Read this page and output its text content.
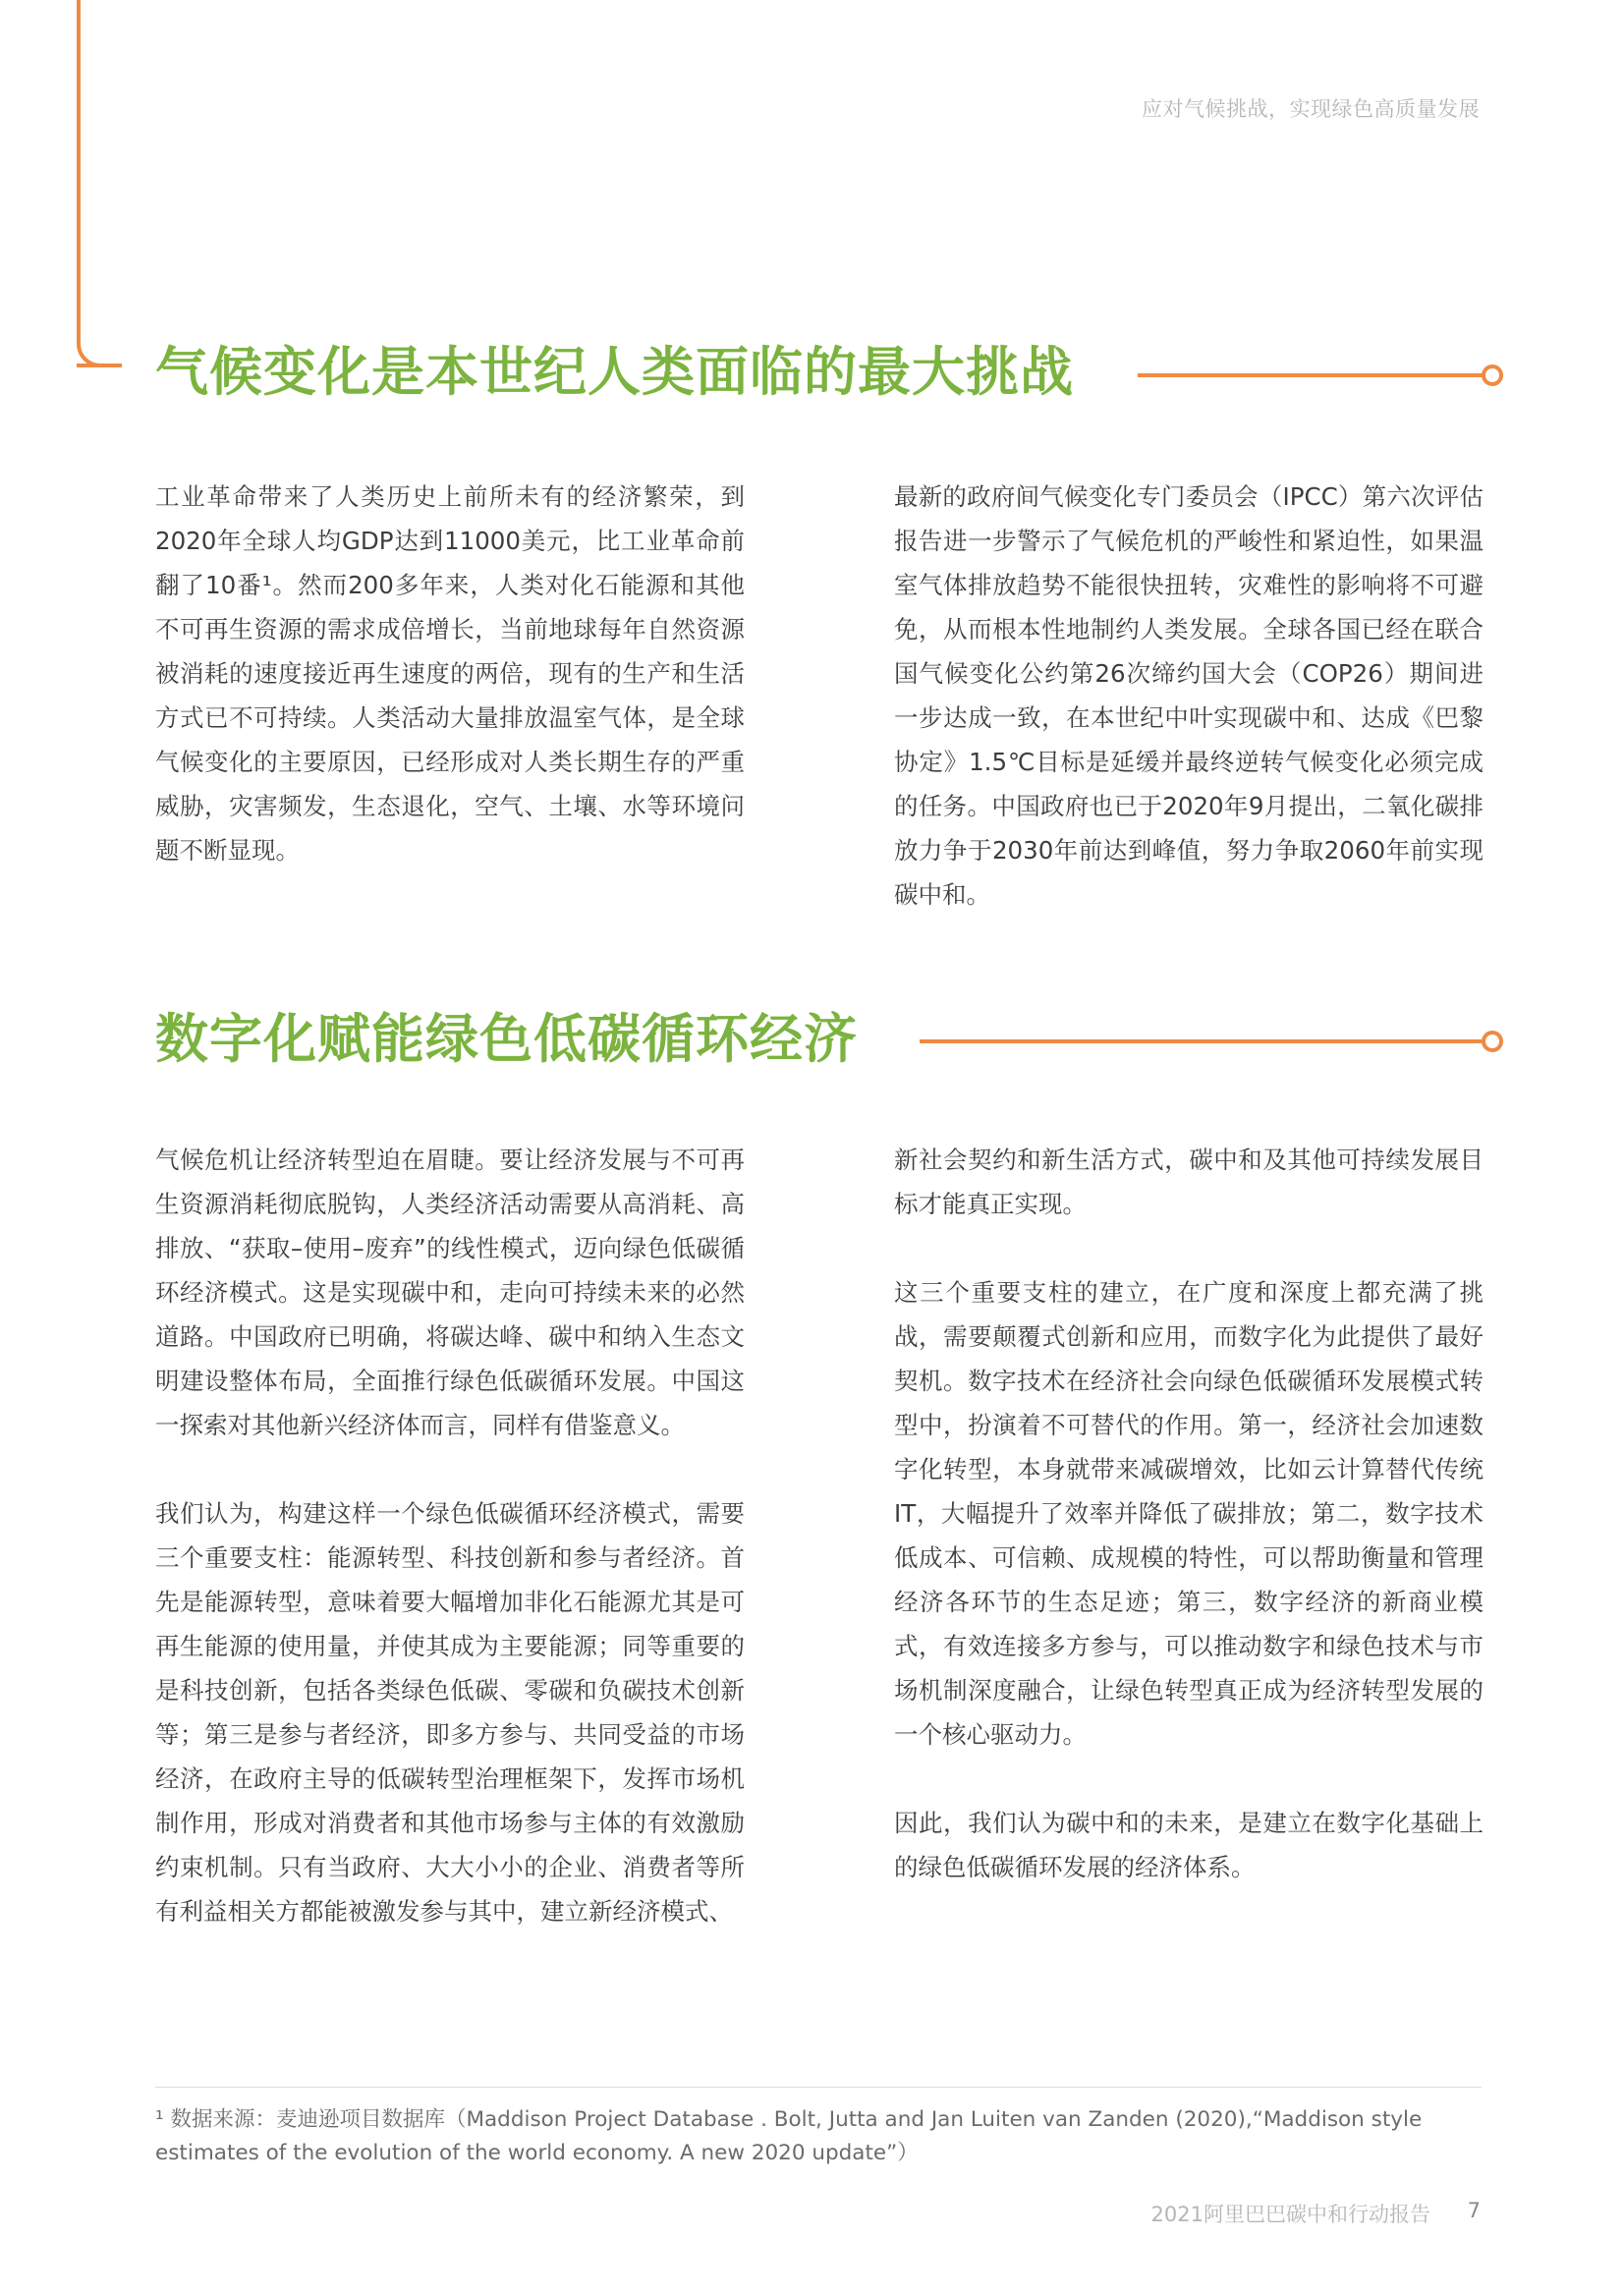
应对气候挑战，实现绿色高质量发展
气候变化是本世纪人类面临的最大挑战

工业革命带来了人类历史上前所未有的经济繁荣，到2020年全球人均GDP达到11000美元，比工业革命前翻了10番¹。然而200多年来，人类对化石能源和其他不可再生资源的需求成倍增长，当前地球每年自然资源被消耗的速度接近再生速度的两倍，现有的生产和生活方式已不可持续。人类活动大量排放温室气体，是全球气候变化的主要原因，已经形成对人类长期生存的严重威胁，灾害频发，生态退化，空气、土壤、水等环境问题不断显现。

最新的政府间气候变化专门委员会（IPCC）第六次评估报告进一步警示了气候危机的严峻性和紧迫性，如果温室气体排放趋势不能很快扭转，灾难性的影响将不可避免，从而根本性地制约人类发展。全球各国已经在联合国气候变化公约第26次缔约国大会（COP26）期间进一步达成一致，在本世纪中叶实现碳中和、达成《巴黎协定》1.5℃目标是延缓并最终逆转气候变化必须完成的任务。中国政府也已于2020年9月提出，二氧化碳排放力争于2030年前达到峰值，努力争取2060年前实现碳中和。

数字化赋能绿色低碳循环经济

气候危机让经济转型迫在眉睫。要让经济发展与不可再生资源消耗彻底脱钩，人类经济活动需要从高消耗、高排放、“获取–使用–废弃”的线性模式，迈向绿色低碳循环经济模式。这是实现碳中和，走向可持续未来的必然道路。中国政府已明确，将碳达峰、碳中和纳入生态文明建设整体布局，全面推行绿色低碳循环发展。中国这一探索对其他新兴经济体而言，同样有借鉴意义。

我们认为，构建这样一个绿色低碳循环经济模式，需要三个重要支柱：能源转型、科技创新和参与者经济。首先是能源转型，意味着要大幅增加非化石能源尤其是可再生能源的使用量，并使其成为主要能源；同等重要的是科技创新，包括各类绿色低碳、零碳和负碳技术创新等；第三是参与者经济，即多方参与、共同受益的市场经济，在政府主导的低碳转型治理框架下，发挥市场机制作用，形成对消费者和其他市场参与主体的有效激励约束机制。只有当政府、大大小小的企业、消费者等所有利益相关方都能被激发参与其中，建立新经济模式、

新社会契约和新生活方式，碳中和及其他可持续发展目标才能真正实现。

这三个重要支柱的建立，在广度和深度上都充满了挑战，需要颠覆式创新和应用，而数字化为此提供了最好契机。数字技术在经济社会向绿色低碳循环发展模式转型中，扮演着不可替代的作用。第一，经济社会加速数字化转型，本身就带来减碳增效，比如云计算替代传统IT，大幅提升了效率并降低了碳排放；第二，数字技术低成本、可信赖、成规模的特性，可以帮助衡量和管理经济各环节的生态足迹；第三，数字经济的新商业模式，有效连接多方参与，可以推动数字和绿色技术与市场机制深度融合，让绿色转型真正成为经济转型发展的一个核心驱动力。

因此，我们认为碳中和的未来，是建立在数字化基础上的绿色低碳循环发展的经济体系。

¹ 数据来源：麦迪逊项目数据库（Maddison Project Database . Bolt, Jutta and Jan Luiten van Zanden (2020),“Maddison style estimates of the evolution of the world economy. A new 2020 update”）
2021阿里巴巴碳中和行动报告 7
